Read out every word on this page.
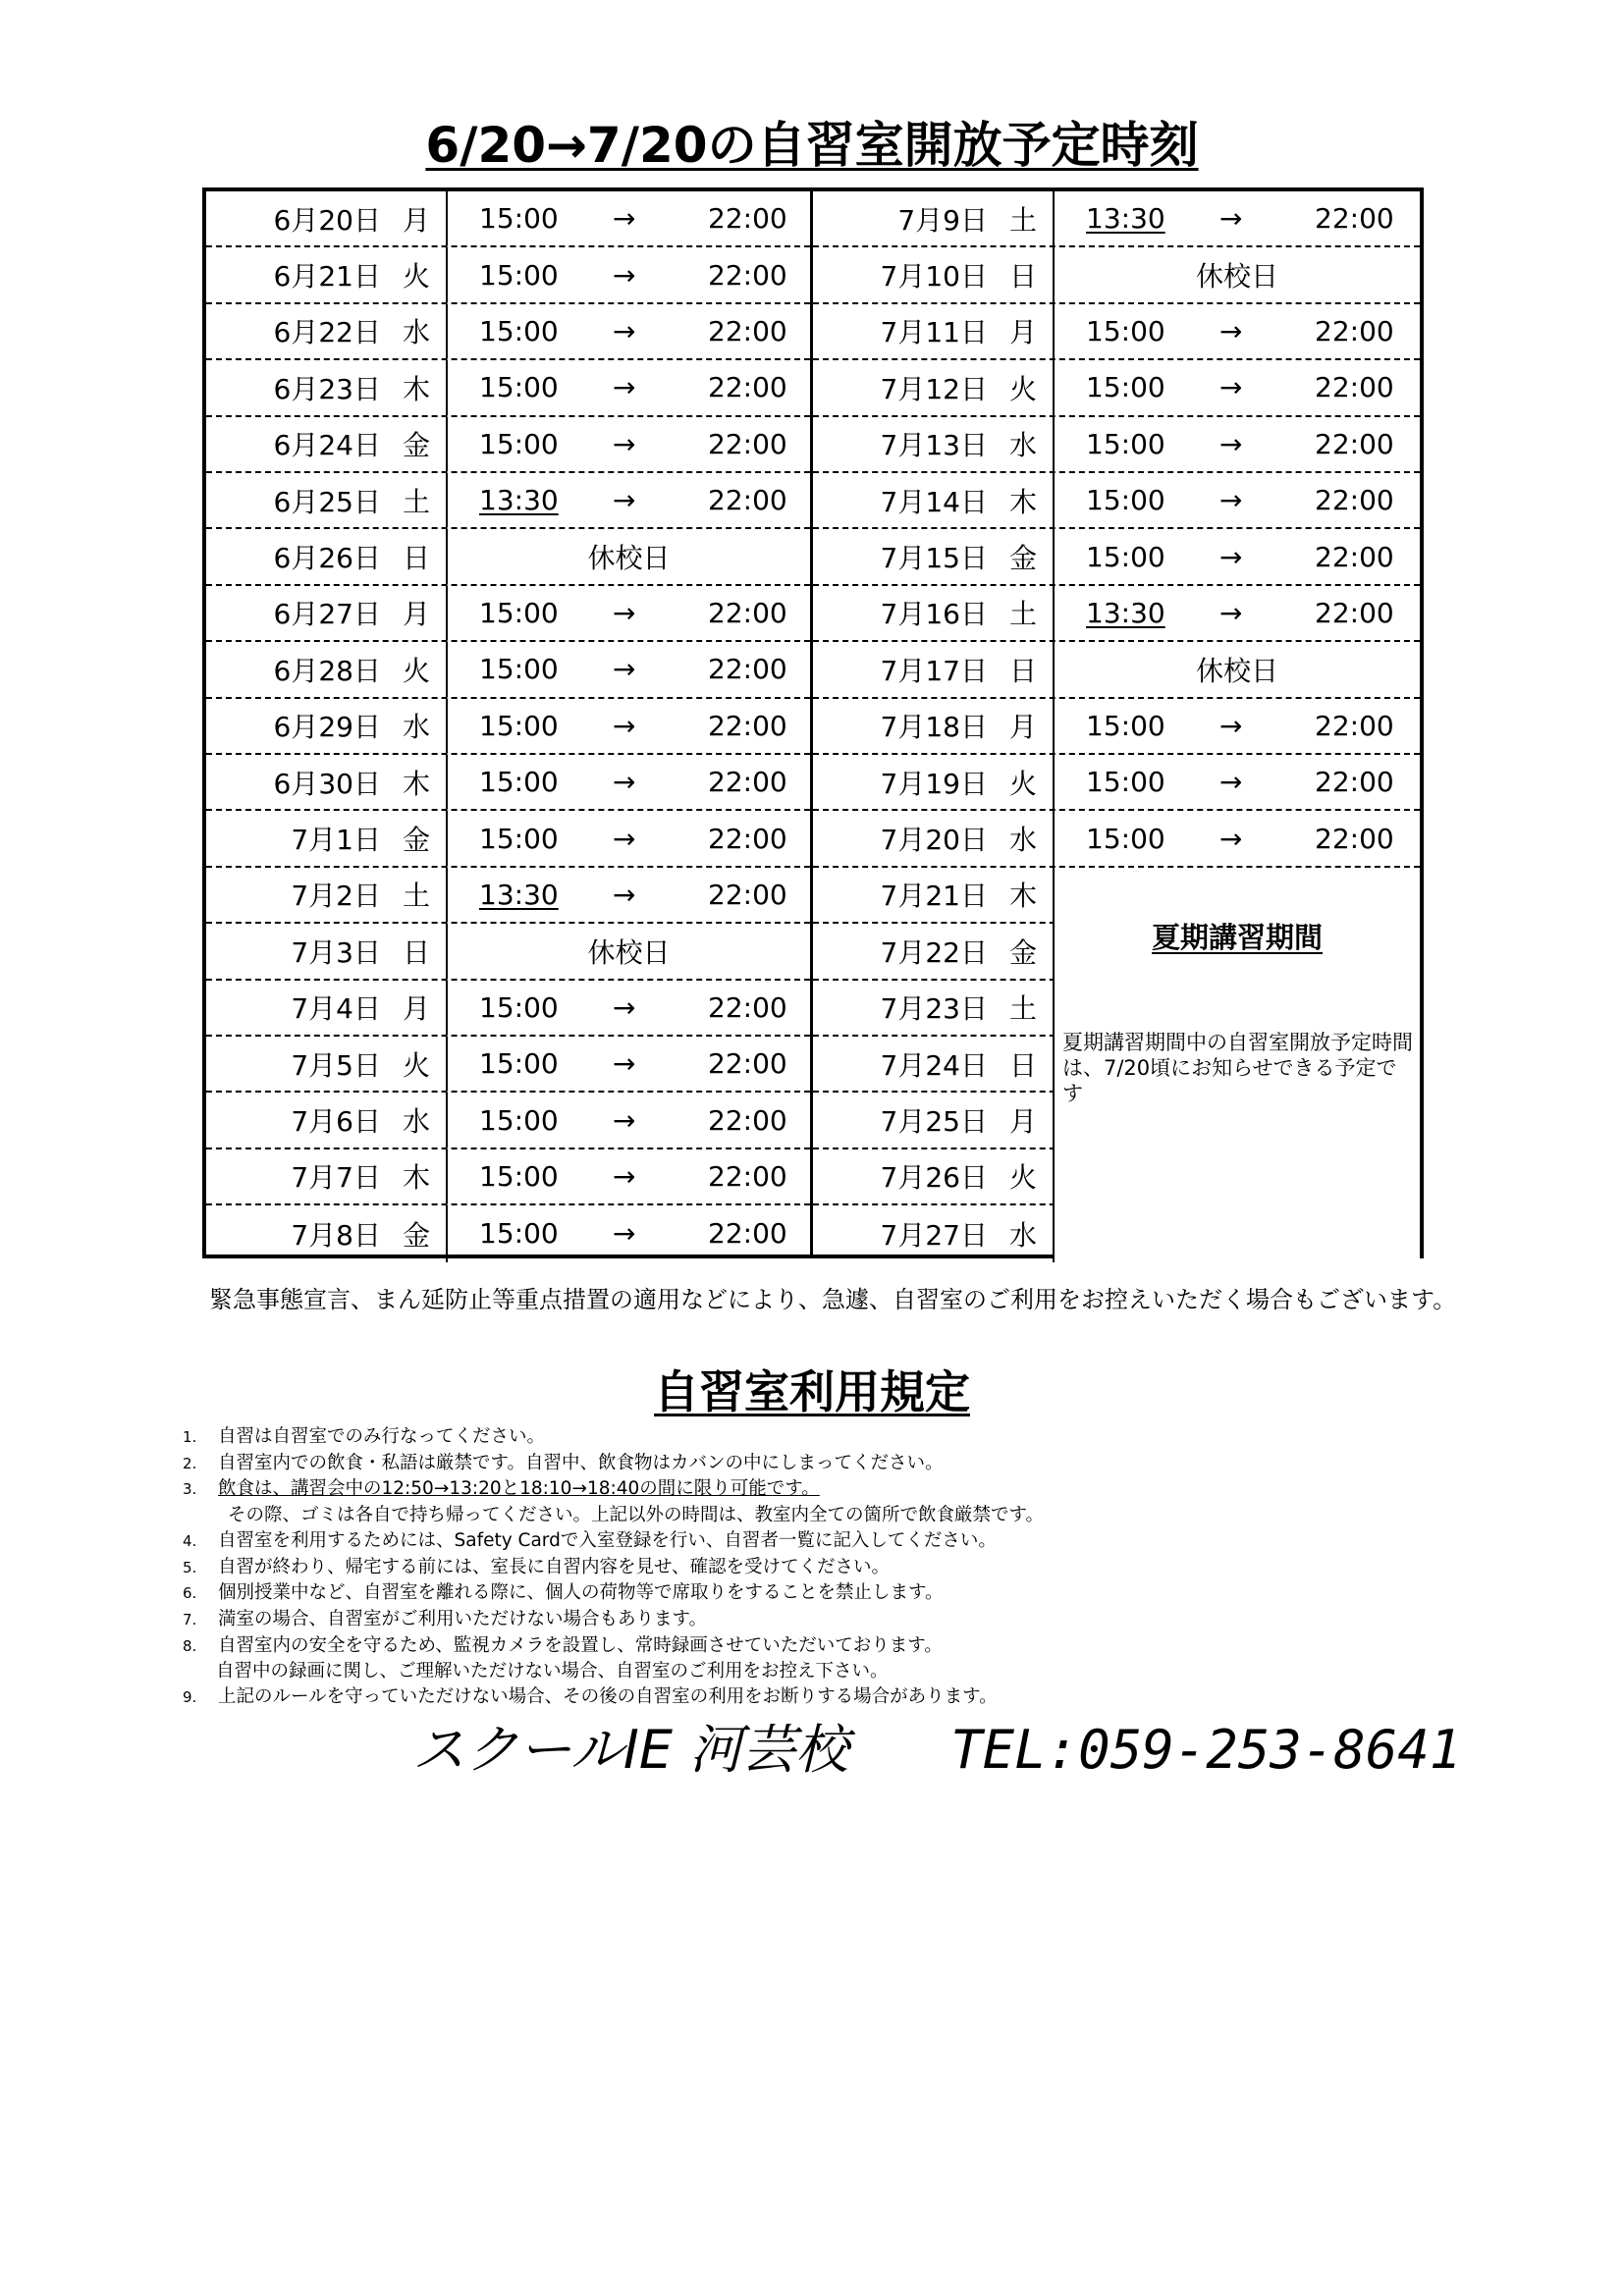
6/20→7/20の自習室開放予定時刻
6月20日 月 15:00 →	22:00
6月21日 火 15:00 →	22:00
6月22日 水 15:00 →	22:00
6月23日 木 15:00 →	22:00
6月24日 金 15:00 →	22:00
6月25日 土 13:30 →	22:00
6月26日 日	休校日
6月27日 月 15:00 →	22:00
6月28日 火 15:00 →	22:00
6月29日 水 15:00 →	22:00
6月30日 木 15:00 →	22:00
7月1日 金 15:00 →	22:00
7月2日 土 13:30 →	22:00
7月3日 日	休校日
7月4日 月 15:00 →	22:00
7月5日 火 15:00 →	22:00
7月6日 水 15:00 →	22:00
7月7日 木 15:00 →	22:00
7月8日 金 15:00 →	22:00
7月9日 土 13:30 →	22:00
7月10日 日	休校日
7月11日 月 15:00 →	22:00
7月12日 火 15:00 →	22:00
7月13日 水 15:00 →	22:00
7月14日 木 15:00 →	22:00
7月15日 金 15:00 →	22:00
7月16日 土 13:30 →	22:00
7月17日 日	休校日
7月18日 月 15:00 →	22:00
7月19日 火 15:00 →	22:00
7月20日 水 15:00 →	22:00
7月21日 木
7月22日 金
7月23日 土
7月24日 日
7月25日 月
7月26日 火
7月27日 水
夏期講習期間
夏期講習期間中の自習室開放予定時間は、7/20頃にお知らせできる予定です
緊急事態宣言、まん延防止等重点措置の適用などにより、急遽、自習室のご利用をお控えいただく場合もございます。
自習室利用規定
1. 自習は自習室でのみ行なってください。
2. 自習室内での飲食・私語は厳禁です。自習中、飲食物はカバンの中にしまってください。
3. 飲食は、講習会中の12:50→13:20と18:10→18:40の間に限り可能です。
その際、ゴミは各自で持ち帰ってください。上記以外の時間は、教室内全ての箇所で飲食厳禁です。
4. 自習室を利用するためには、Safety Cardで入室登録を行い、自習者一覧に記入してください。
5. 自習が終わり、帰宅する前には、室長に自習内容を見せ、確認を受けてください。
6. 個別授業中など、自習室を離れる際に、個人の荷物等で席取りをすることを禁止します。
7. 満室の場合、自習室がご利用いただけない場合もあります。
8. 自習室内の安全を守るため、監視カメラを設置し、常時録画させていただいております。
自習中の録画に関し、ご理解いただけない場合、自習室のご利用をお控え下さい。
9. 上記のルールを守っていただけない場合、その後の自習室の利用をお断りする場合があります。
スクールIE 河芸校 TEL:059-253-8641
